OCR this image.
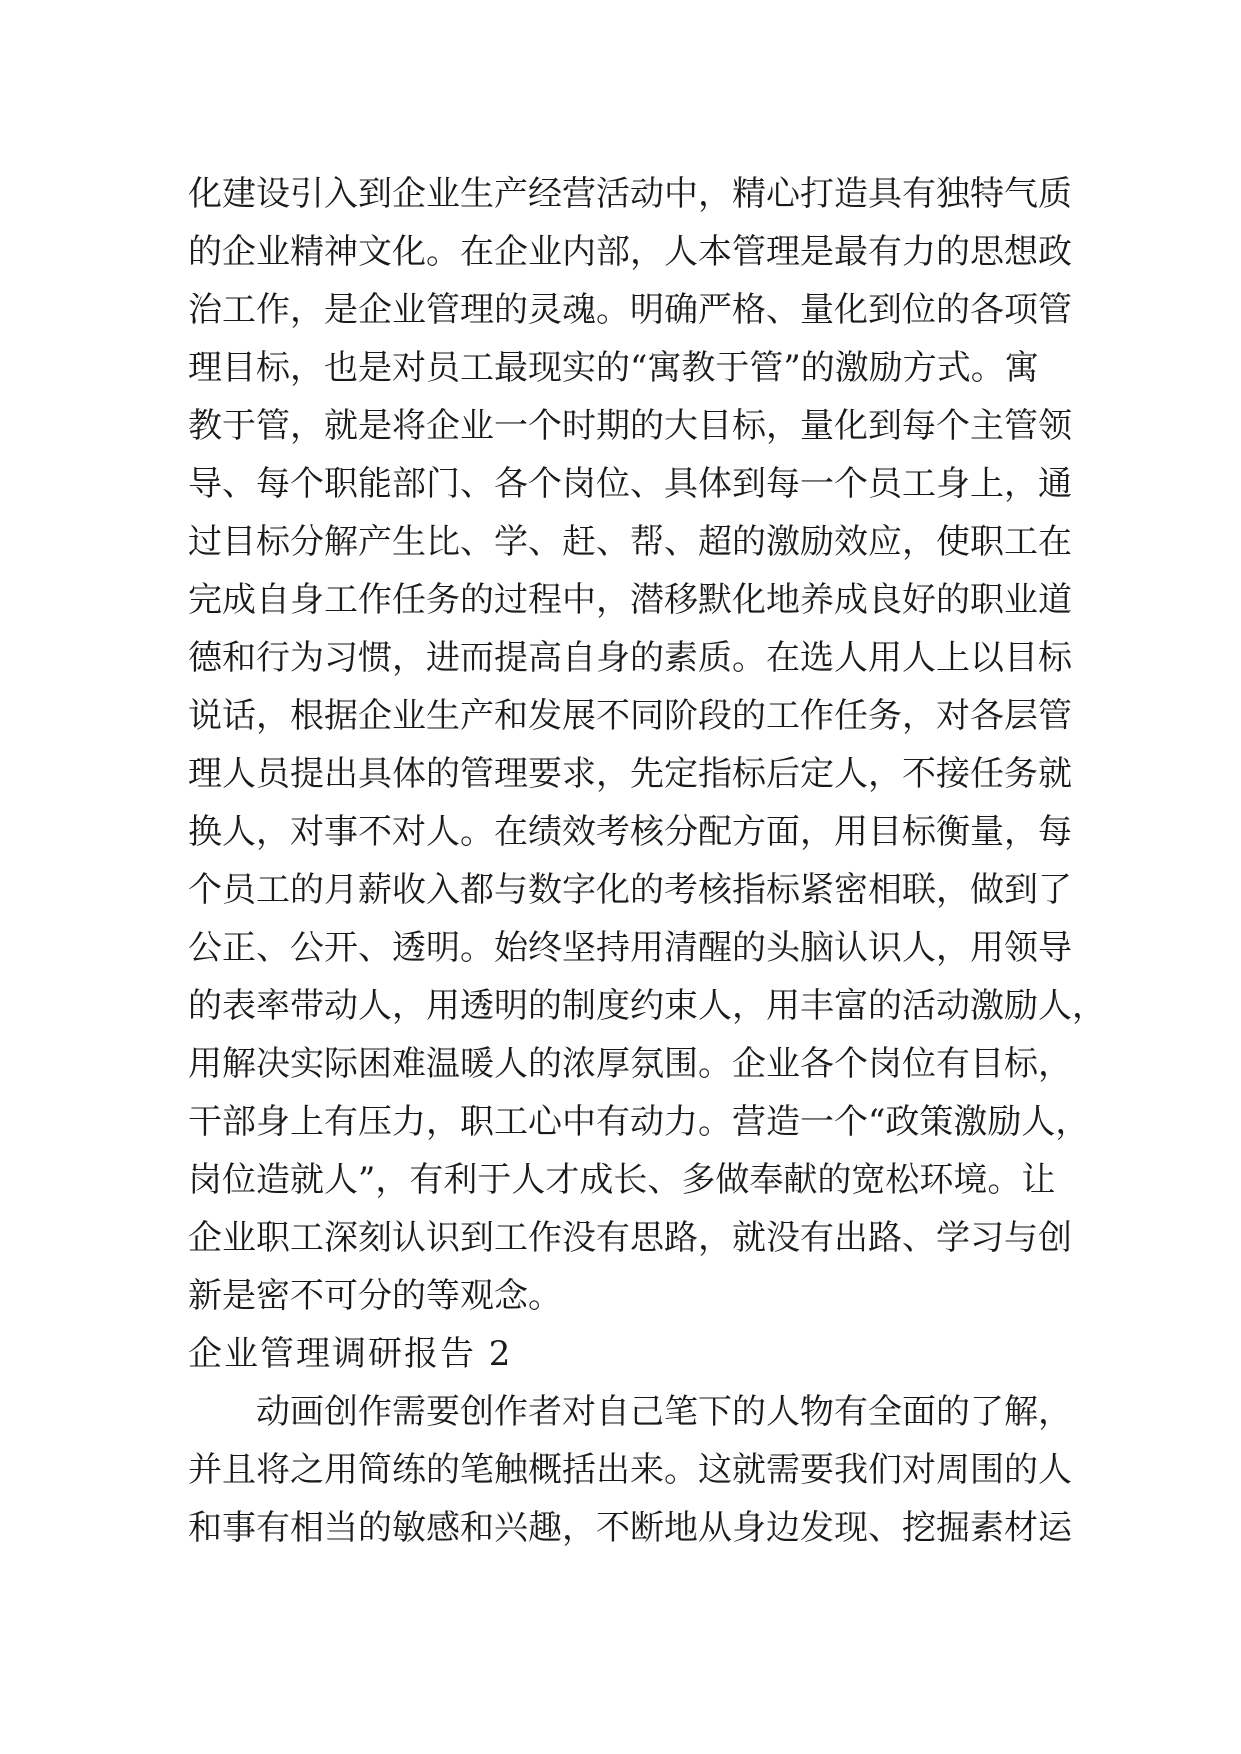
化建设引入到企业生产经营活动中，精心打造具有独特气质
的企业精神文化。在企业内部，人本管理是最有力的思想政
治工作，是企业管理的灵魂。明确严格、量化到位的各项管
理目标，也是对员工最现实的“寓教于管”的激励方式。寓
教于管，就是将企业一个时期的大目标，量化到每个主管领
导、每个职能部门、各个岗位、具体到每一个员工身上，通
过目标分解产生比、学、赶、帮、超的激励效应，使职工在
完成自身工作任务的过程中，潜移默化地养成良好的职业道
德和行为习惯，进而提高自身的素质。在选人用人上以目标
说话，根据企业生产和发展不同阶段的工作任务，对各层管
理人员提出具体的管理要求，先定指标后定人，不接任务就
换人，对事不对人。在绩效考核分配方面，用目标衡量，每
个员工的月薪收入都与数字化的考核指标紧密相联，做到了
公正、公开、透明。始终坚持用清醒的头脑认识人，用领导
的表率带动人，用透明的制度约束人，用丰富的活动激励人，
用解决实际困难温暖人的浓厚氛围。企业各个岗位有目标，
干部身上有压力，职工心中有动力。营造一个“政策激励人，
岗位造就人”，有利于人才成长、多做奉献的宽松环境。让
企业职工深刻认识到工作没有思路，就没有出路、学习与创
新是密不可分的等观念。
企业管理调研报告 2
　　动画创作需要创作者对自己笔下的人物有全面的了解，
并且将之用简练的笔触概括出来。这就需要我们对周围的人
和事有相当的敏感和兴趣，不断地从身边发现、挖掘素材运
